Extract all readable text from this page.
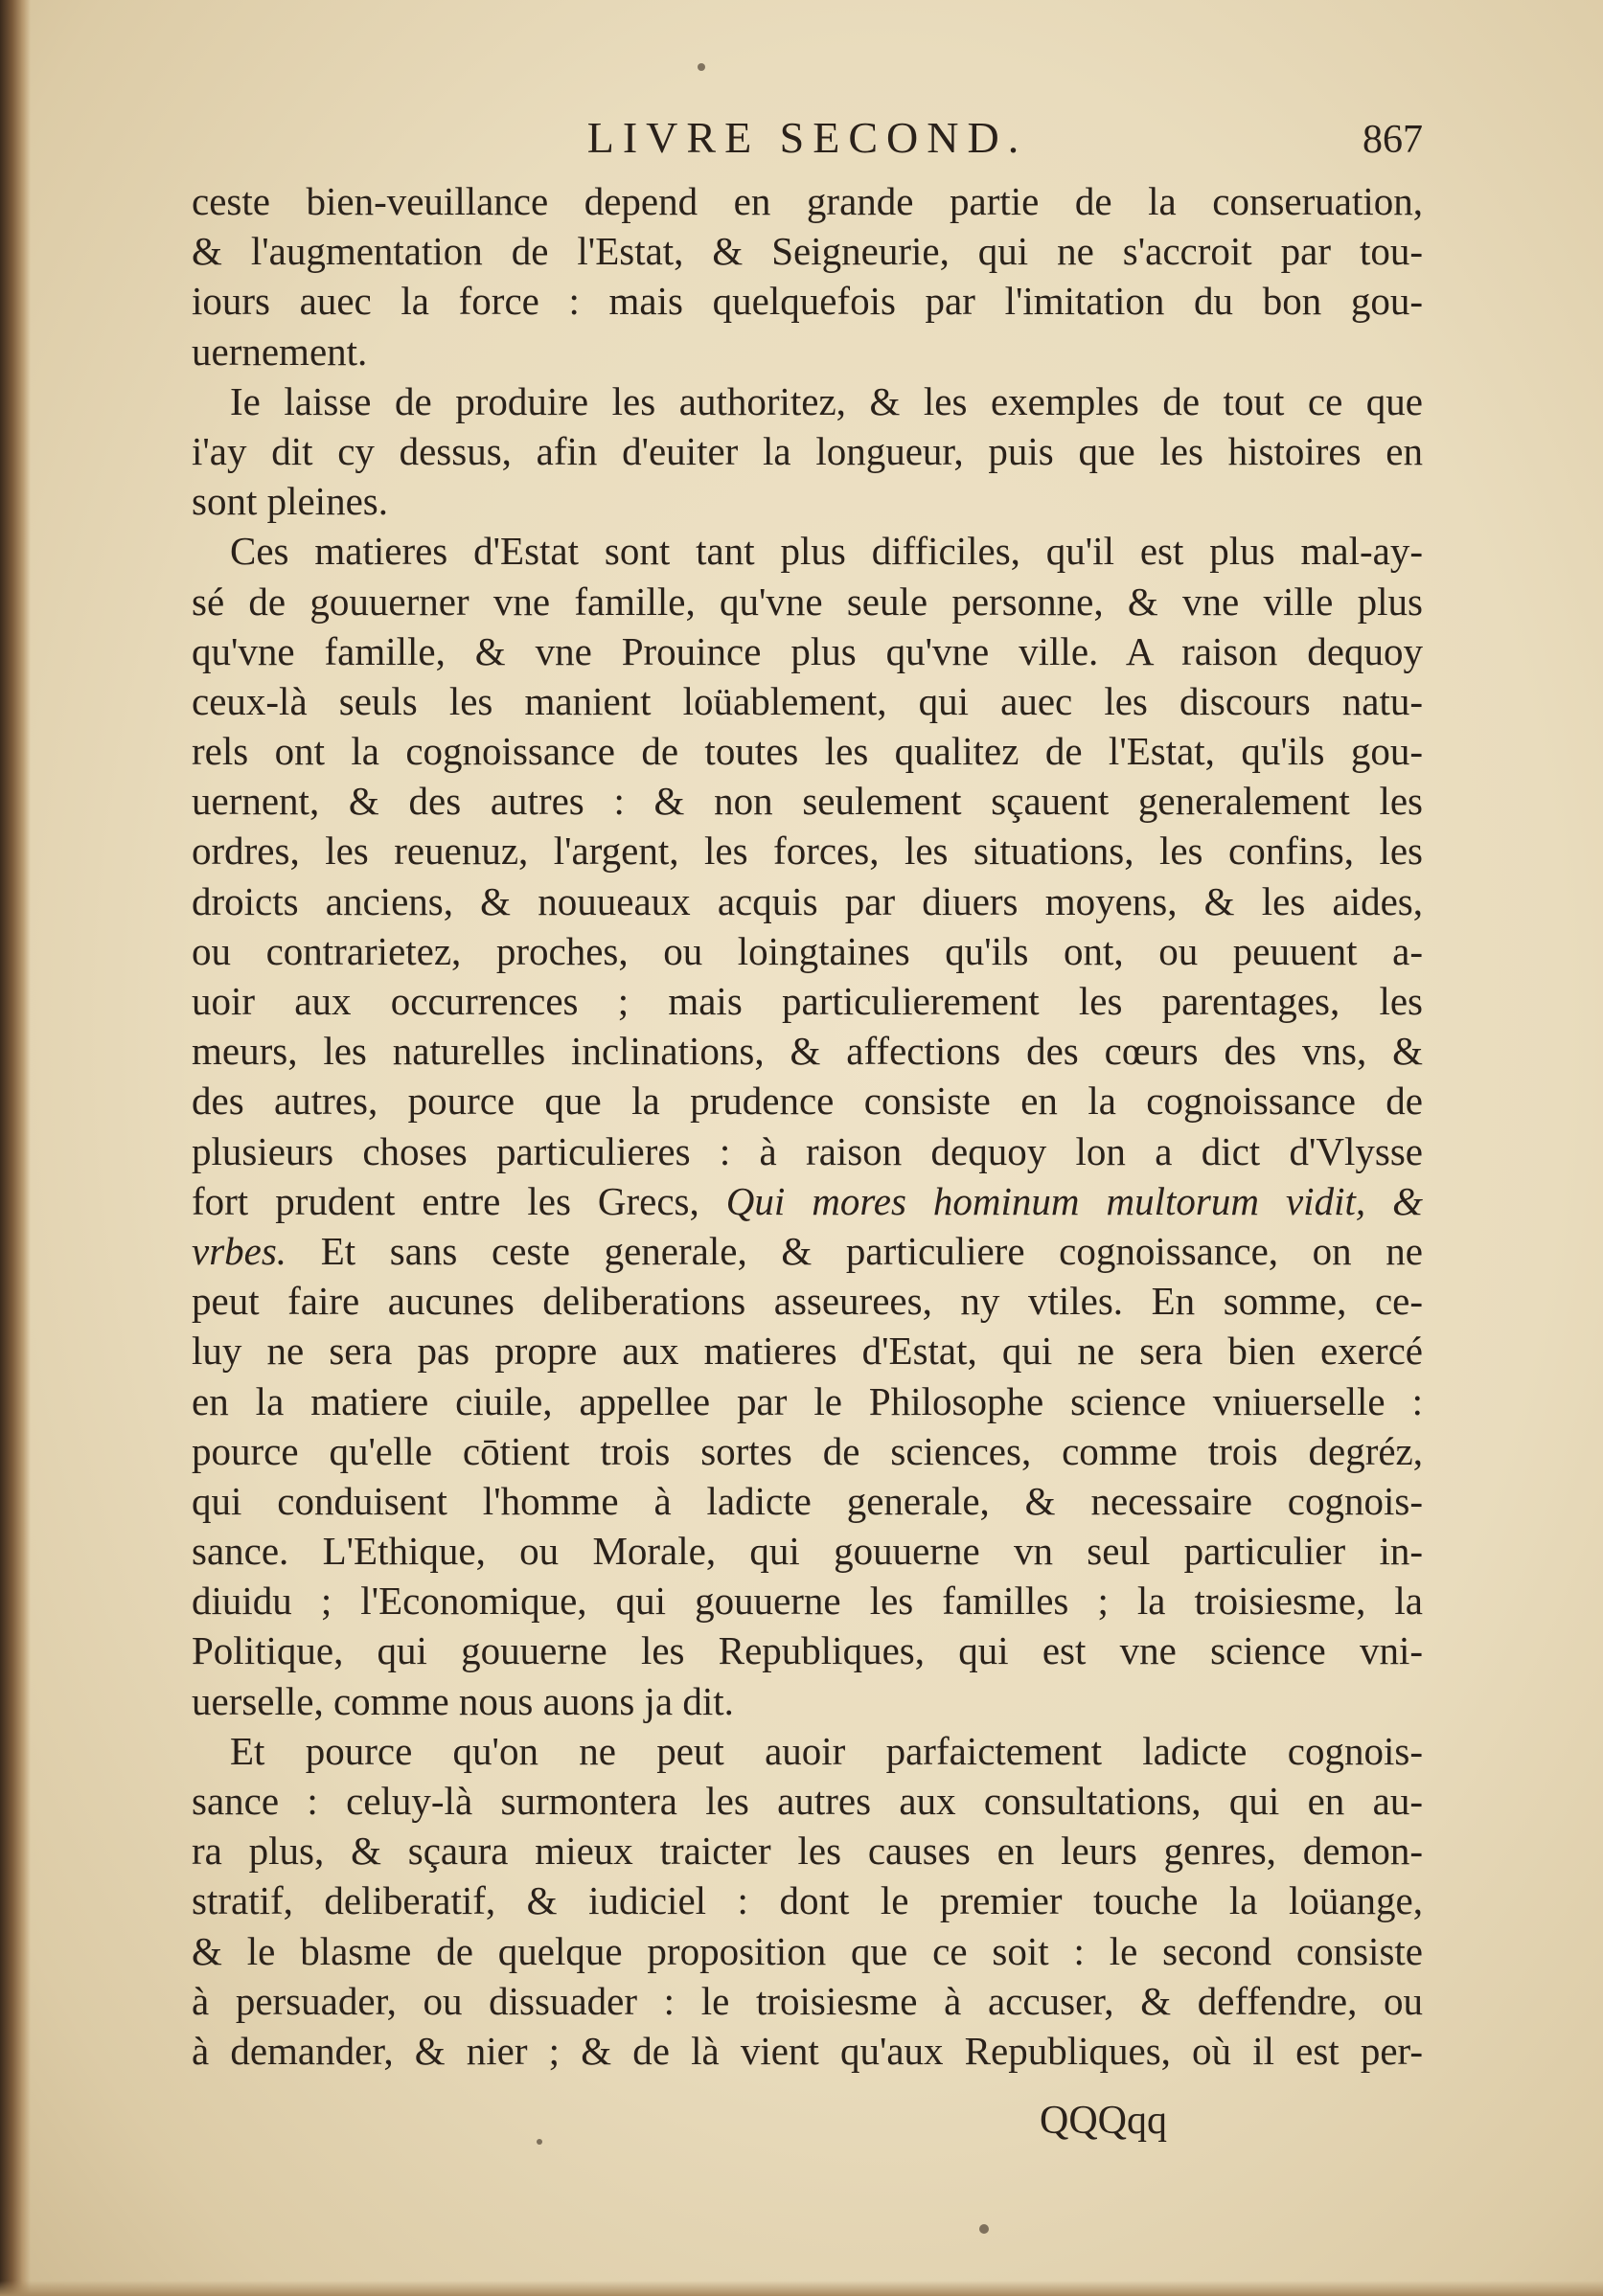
LIVRE SECOND.	867
ceste bien-veuillance depend en grande partie de la conseruation,
& l'augmentation de l'Estat, & Seigneurie, qui ne s'accroit par tou-
iours auec la force : mais quelquefois par l'imitation du bon gou-
uernement.
Ie laisse de produire les authoritez, & les exemples de tout ce que
i'ay dit cy dessus, afin d'euiter la longueur, puis que les histoires en
sont pleines.
Ces matieres d'Estat sont tant plus difficiles, qu'il est plus mal-ay-
sé de gouuerner vne famille, qu'vne seule personne, & vne ville plus
qu'vne famille, & vne Prouince plus qu'vne ville. A raison dequoy
ceux-là seuls les manient loüablement, qui auec les discours natu-
rels ont la cognoissance de toutes les qualitez de l'Estat, qu'ils gou-
uernent, & des autres : & non seulement sçauent generalement les
ordres, les reuenuz, l'argent, les forces, les situations, les confins, les
droicts anciens, & nouueaux acquis par diuers moyens, & les aides,
ou contrarietez, proches, ou loingtaines qu'ils ont, ou peuuent a-
uoir aux occurrences ; mais particulierement les parentages, les
meurs, les naturelles inclinations, & affections des cœurs des vns, &
des autres, pource que la prudence consiste en la cognoissance de
plusieurs choses particulieres : à raison dequoy lon a dict d'Vlysse
fort prudent entre les Grecs, Qui mores hominum multorum vidit, &
vrbes. Et sans ceste generale, & particuliere cognoissance, on ne
peut faire aucunes deliberations asseurees, ny vtiles. En somme, ce-
luy ne sera pas propre aux matieres d'Estat, qui ne sera bien exercé
en la matiere ciuile, appellee par le Philosophe science vniuerselle :
pource qu'elle cōtient trois sortes de sciences, comme trois degréz,
qui conduisent l'homme à ladicte generale, & necessaire cognois-
sance. L'Ethique, ou Morale, qui gouuerne vn seul particulier in-
diuidu ; l'Economique, qui gouuerne les familles ; la troisiesme, la
Politique, qui gouuerne les Republiques, qui est vne science vni-
uerselle, comme nous auons ja dit.
Et pource qu'on ne peut auoir parfaictement ladicte cognois-
sance : celuy-là surmontera les autres aux consultations, qui en au-
ra plus, & sçaura mieux traicter les causes en leurs genres, demon-
stratif, deliberatif, & iudiciel : dont le premier touche la loüange,
& le blasme de quelque proposition que ce soit : le second consiste
à persuader, ou dissuader : le troisiesme à accuser, & deffendre, ou
à demander, & nier ; & de là vient qu'aux Republiques, où il est per-
QQQqq
